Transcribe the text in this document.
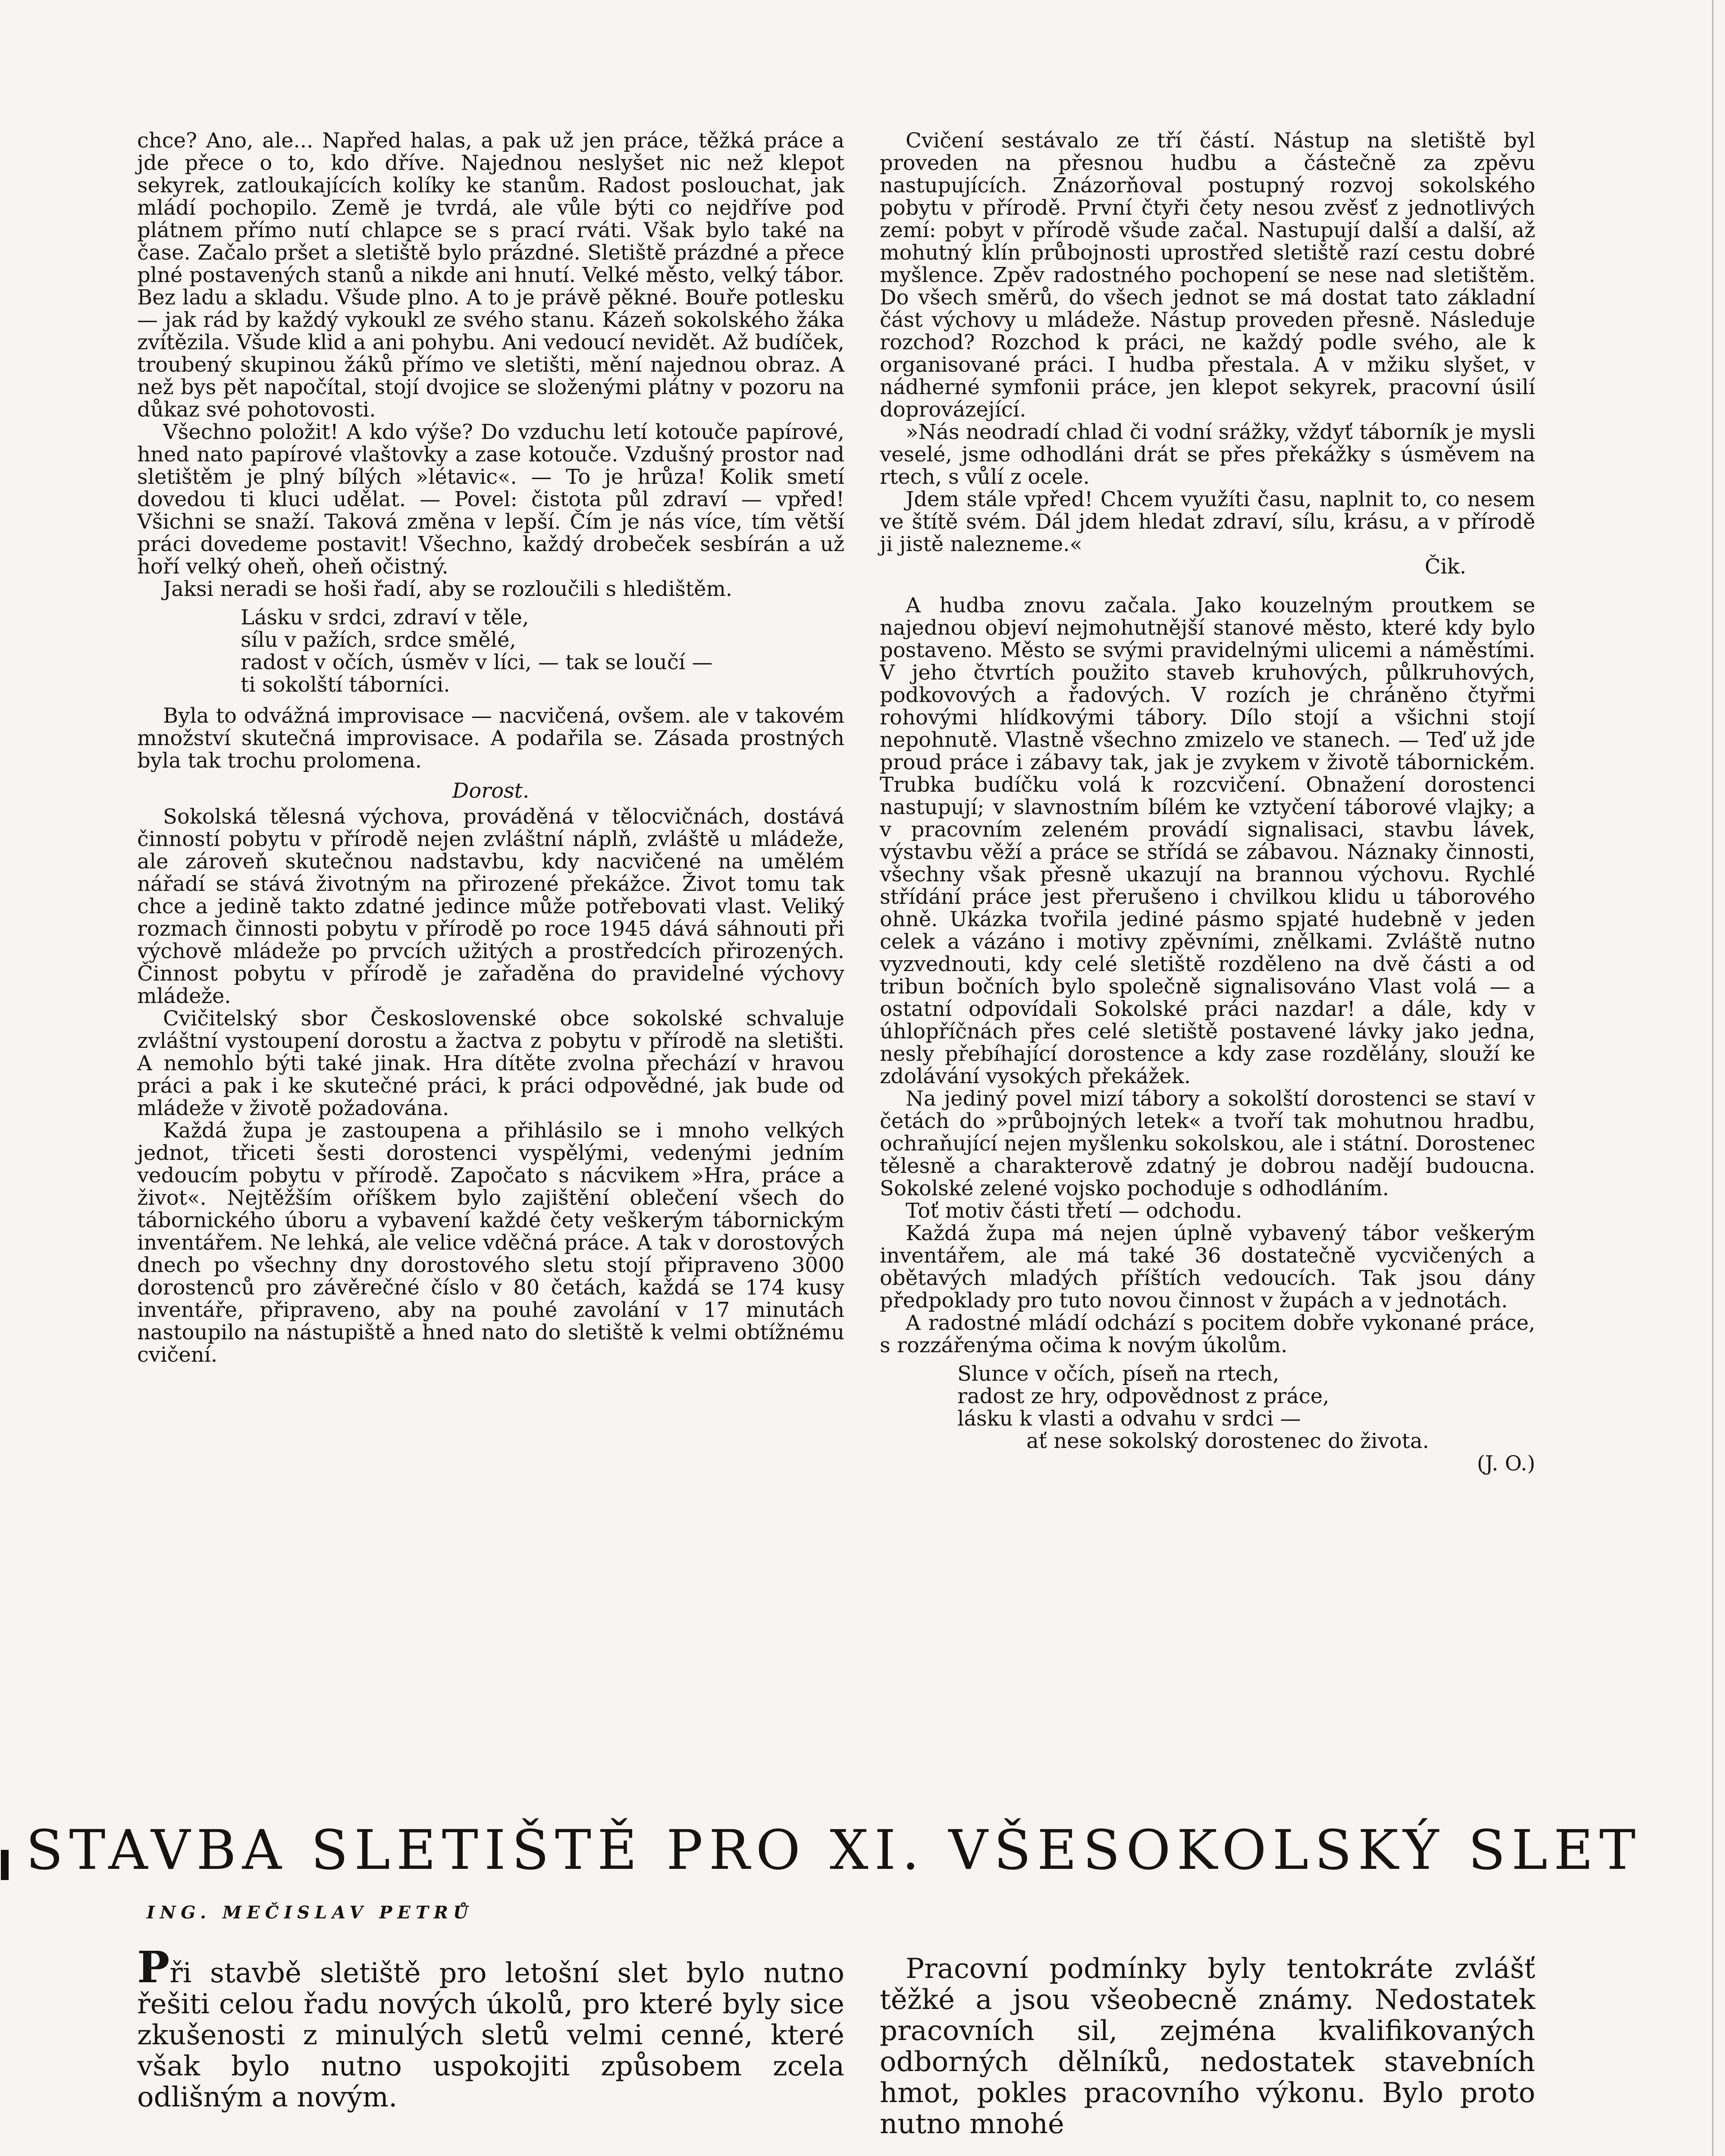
chce? Ano, ale... Napřed halas, a pak už jen práce, těžká práce a jde přece o to, kdo dříve. Najednou neslyšet nic než klepot sekyrek, zatloukajících kolíky ke stanům. Radost poslouchat, jak mládí pochopilo. Země je tvrdá, ale vůle býti co nejdříve pod plátnem přímo nutí chlapce se s prací rváti. Však bylo také na čase. Začalo pršet a sletiště bylo prázdné. Sletiště prázdné a přece plné postavených stanů a nikde ani hnutí. Velké město, velký tábor. Bez ladu a skladu. Všude plno. A to je právě pěkné. Bouře potlesku — jak rád by každý vykoukl ze svého stanu. Kázeň sokolského žáka zvítězila. Všude klid a ani pohybu. Ani vedoucí nevidět. Až budíček, troubený skupinou žáků přímo ve sletišti, mění najednou obraz. A než bys pět napočítal, stojí dvojice se složenými plátny v pozoru na důkaz své pohotovosti.

Všechno položit! A kdo výše? Do vzduchu letí kotouče papírové, hned nato papírové vlaštovky a zase kotouče. Vzdušný prostor nad sletištěm je plný bílých »létavic«. — To je hrůza! Kolik smetí dovedou ti kluci udělat. — Povel: čistota půl zdraví — vpřed! Všichni se snaží. Taková změna v lepší. Čím je nás více, tím větší práci dovedeme postavit! Všechno, každý drobeček sesbírán a už hoří velký oheň, oheň očistný.

Jaksi neradi se hoši řadí, aby se rozloučili s hledištěm.

Lásku v srdci, zdraví v těle,
sílu v pažích, srdce smělé,
radost v očích, úsměv v líci, — tak se loučí —
ti sokolští táborníci.

Byla to odvážná improvisace — nacvičená, ovšem. ale v takovém množství skutečná improvisace. A podařila se. Zásada prostných byla tak trochu prolomena.

Dorost.

Sokolská tělesná výchova, prováděná v tělocvičnách, dostává činností pobytu v přírodě nejen zvláštní náplň, zvláště u mládeže, ale zároveň skutečnou nadstavbu, kdy nacvičené na umělém nářadí se stává životným na přirozené překážce. Život tomu tak chce a jedině takto zdatné jedince může potřebovati vlast. Veliký rozmach činnosti pobytu v přírodě po roce 1945 dává sáhnouti při výchově mládeže po prvcích užitých a prostředcích přirozených. Činnost pobytu v přírodě je zařaděna do pravidelné výchovy mládeže.

Cvičitelský sbor Československé obce sokolské schvaluje zvláštní vystoupení dorostu a žactva z pobytu v přírodě na sletišti. A nemohlo býti také jinak. Hra dítěte zvolna přechází v hravou práci a pak i ke skutečné práci, k práci odpovědné, jak bude od mládeže v životě požadována.

Každá župa je zastoupena a přihlásilo se i mnoho velkých jednot, třiceti šesti dorostenci vyspělými, vedenými jedním vedoucím pobytu v přírodě. Započato s nácvikem »Hra, práce a život«. Nejtěžším oříškem bylo zajištění oblečení všech do tábornického úboru a vybavení každé čety veškerým tábornickým inventářem. Ne lehká, ale velice vděčná práce. A tak v dorostových dnech po všechny dny dorostového sletu stojí připraveno 3000 dorostenců pro závěrečné číslo v 80 četách, každá se 174 kusy inventáře, připraveno, aby na pouhé zavolání v 17 minutách nastoupilo na nástupiště a hned nato do sletiště k velmi obtížnému cvičení.

Cvičení sestávalo ze tří částí. Nástup na sletiště byl proveden na přesnou hudbu a částečně za zpěvu nastupujících. Znázorňoval postupný rozvoj sokolského pobytu v přírodě. První čtyři čety nesou zvěsť z jednotlivých zemí: pobyt v přírodě všude začal. Nastupují další a další, až mohutný klín průbojnosti uprostřed sletiště razí cestu dobré myšlence. Zpěv radostného pochopení se nese nad sletištěm. Do všech směrů, do všech jednot se má dostat tato základní část výchovy u mládeže. Nástup proveden přesně. Následuje rozchod? Rozchod k práci, ne každý podle svého, ale k organisované práci. I hudba přestala. A v mžiku slyšet, v nádherné symfonii práce, jen klepot sekyrek, pracovní úsilí doprovázející.

»Nás neodradí chlad či vodní srážky, vždyť táborník je mysli veselé, jsme odhodláni drát se přes překážky s úsměvem na rtech, s vůlí z ocele.

Jdem stále vpřed! Chcem využíti času, naplnit to, co nesem ve štítě svém. Dál jdem hledat zdraví, sílu, krásu, a v přírodě ji jistě nalezneme.«

Čik.

A hudba znovu začala. Jako kouzelným proutkem se najednou objeví nejmohutnější stanové město, které kdy bylo postaveno. Město se svými pravidelnými ulicemi a náměstími. V jeho čtvrtích použito staveb kruhových, půlkruhových, podkovových a řadových. V rozích je chráněno čtyřmi rohovými hlídkovými tábory. Dílo stojí a všichni stojí nepohnutě. Vlastně všechno zmizelo ve stanech. — Teď už jde proud práce i zábavy tak, jak je zvykem v životě tábornickém. Trubka budíčku volá k rozcvičení. Obnažení dorostenci nastupují; v slavnostním bílém ke vztyčení táborové vlajky; a v pracovním zeleném provádí signalisaci, stavbu lávek, výstavbu věží a práce se střídá se zábavou. Náznaky činnosti, všechny však přesně ukazují na brannou výchovu. Rychlé střídání práce jest přerušeno i chvilkou klidu u táborového ohně. Ukázka tvořila jediné pásmo spjaté hudebně v jeden celek a vázáno i motivy zpěvními, znělkami. Zvláště nutno vyzvednouti, kdy celé sletiště rozděleno na dvě části a od tribun bočních bylo společně signalisováno Vlast volá — a ostatní odpovídali Sokolské práci nazdar! a dále, kdy v úhlopříčnách přes celé sletiště postavené lávky jako jedna, nesly přebíhající dorostence a kdy zase rozdělány, slouží ke zdolávání vysokých překážek.

Na jediný povel mizí tábory a sokolští dorostenci se staví v četách do »průbojných letek« a tvoří tak mohutnou hradbu, ochraňující nejen myšlenku sokolskou, ale i státní. Dorostenec tělesně a charakterově zdatný je dobrou nadějí budoucna. Sokolské zelené vojsko pochoduje s odhodláním.

Toť motiv části třetí — odchodu.

Každá župa má nejen úplně vybavený tábor veškerým inventářem, ale má také 36 dostatečně vycvičených a obětavých mladých příštích vedoucích. Tak jsou dány předpoklady pro tuto novou činnost v župách a v jednotách.

A radostné mládí odchází s pocitem dobře vykonané práce, s rozzářenýma očima k novým úkolům.

Slunce v očích, píseň na rtech,
radost ze hry, odpovědnost z práce,
lásku k vlasti a odvahu v srdci —
ať nese sokolský dorostenec do života.

(J. O.)

STAVBA SLETIŠTĚ PRO XI. VŠESOKOLSKÝ SLET
ING. MEČISLAV PETRŮ

Při stavbě sletiště pro letošní slet bylo nutno řešiti celou řadu nových úkolů, pro které byly sice zkušenosti z minulých sletů velmi cenné, které však bylo nutno uspokojiti způsobem zcela odlišným a novým.

Pracovní podmínky byly tentokráte zvlášť těžké a jsou všeobecně známy. Nedostatek pracovních sil, zejména kvalifikovaných odborných dělníků, nedostatek stavebních hmot, pokles pracovního výkonu. Bylo proto nutno mnohé
